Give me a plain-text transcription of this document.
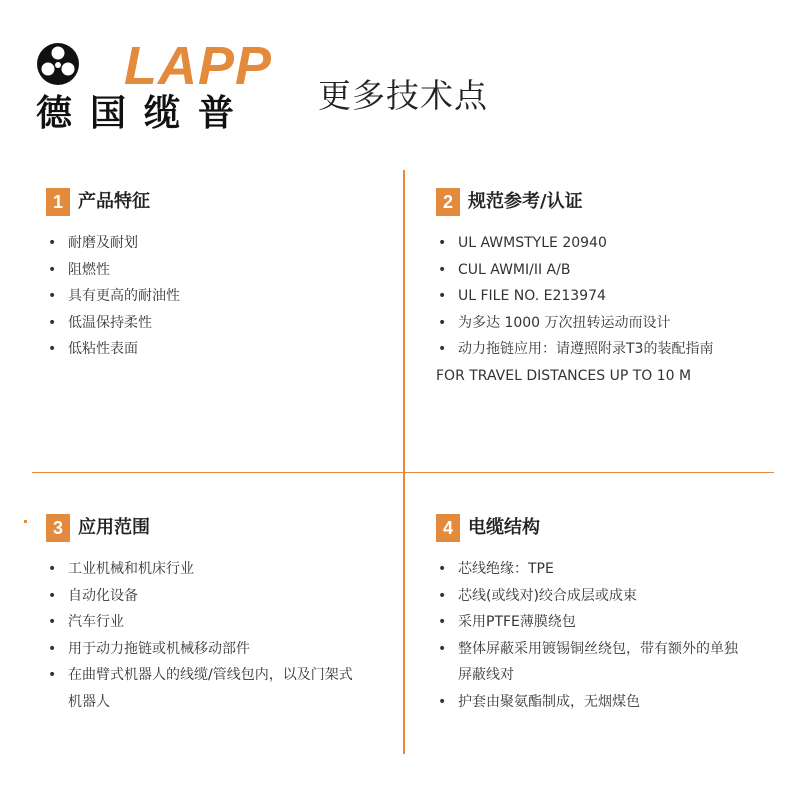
LAPP
德国缆普 更多技术点
1 产品特征
• 耐磨及耐划
• 阻燃性
• 具有更高的耐油性
• 低温保持柔性
• 低粘性表面
2 规范参考/认证
• UL AWMSTYLE 20940
• CUL AWMI/II A/B
• UL FILE NO. E213974
• 为多达 1000 万次扭转运动而设计
• 动力拖链应用：请遵照附录T3的装配指南
FOR TRAVEL DISTANCES UP TO 10 M
3 应用范围
• 工业机械和机床行业
• 自动化设备
• 汽车行业
• 用于动力拖链或机械移动部件
• 在曲臂式机器人的线缆/管线包内，以及门架式
机器人
4 电缆结构
• 芯线绝缘：TPE
• 芯线(或线对)绞合成层或成束
• 采用PTFE薄膜绕包
• 整体屏蔽采用镀锡铜丝绕包，带有额外的单独
屏蔽线对
• 护套由聚氨酯制成，无烟煤色
